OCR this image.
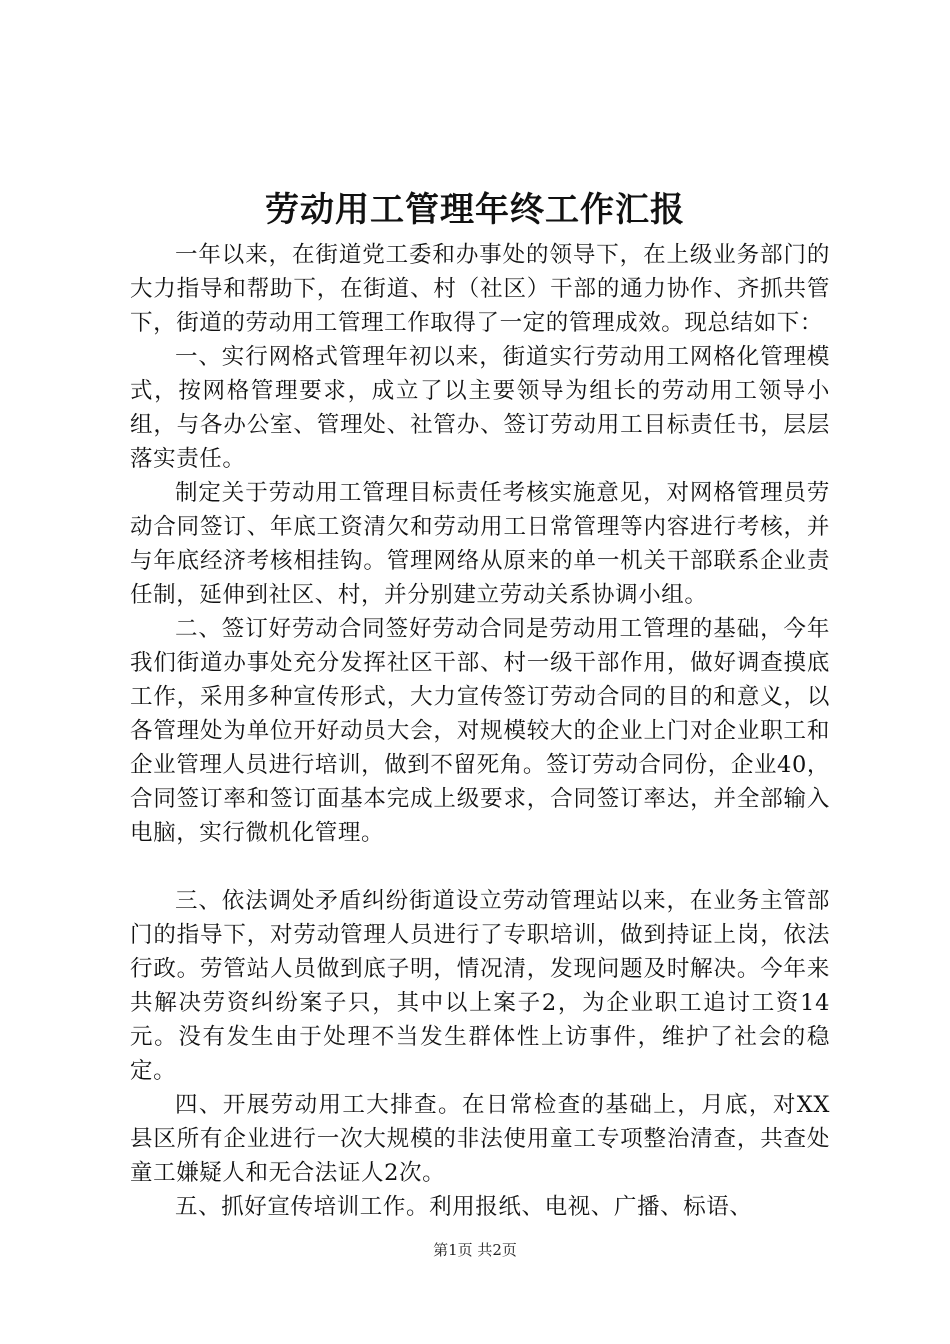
劳动用工管理年终工作汇报

一年以来，在街道党工委和办事处的领导下，在上级业务部门的大力指导和帮助下，在街道、村（社区）干部的通力协作、齐抓共管下，街道的劳动用工管理工作取得了一定的管理成效。现总结如下：

一、实行网格式管理年初以来，街道实行劳动用工网格化管理模式，按网格管理要求，成立了以主要领导为组长的劳动用工领导小组，与各办公室、管理处、社管办、签订劳动用工目标责任书，层层落实责任。

制定关于劳动用工管理目标责任考核实施意见，对网格管理员劳动合同签订、年底工资清欠和劳动用工日常管理等内容进行考核，并与年底经济考核相挂钩。管理网络从原来的单一机关干部联系企业责任制，延伸到社区、村，并分别建立劳动关系协调小组。

二、签订好劳动合同签好劳动合同是劳动用工管理的基础，今年我们街道办事处充分发挥社区干部、村一级干部作用，做好调查摸底工作，采用多种宣传形式，大力宣传签订劳动合同的目的和意义，以各管理处为单位开好动员大会，对规模较大的企业上门对企业职工和企业管理人员进行培训，做到不留死角。签订劳动合同份，企业40，合同签订率和签订面基本完成上级要求，合同签订率达，并全部输入电脑，实行微机化管理。

三、依法调处矛盾纠纷街道设立劳动管理站以来，在业务主管部门的指导下，对劳动管理人员进行了专职培训，做到持证上岗，依法行政。劳管站人员做到底子明，情况清，发现问题及时解决。今年来共解决劳资纠纷案子只，其中以上案子2，为企业职工追讨工资14元。没有发生由于处理不当发生群体性上访事件，维护了社会的稳定。

四、开展劳动用工大排查。在日常检查的基础上，月底，对XX县区所有企业进行一次大规模的非法使用童工专项整治清查，共查处童工嫌疑人和无合法证人2次。

五、抓好宣传培训工作。利用报纸、电视、广播、标语、

第1页 共2页
